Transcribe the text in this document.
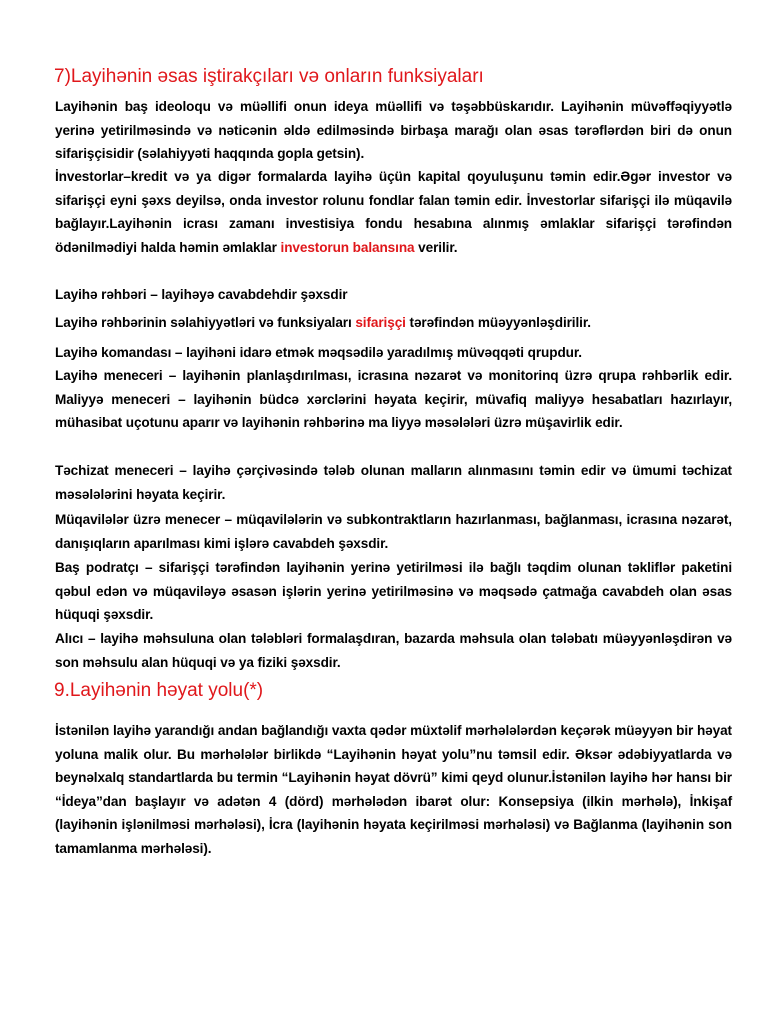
7)Layihənin əsas iştirakçıları və onların funksiyaları

Layihənin baş ideoloqu və müəllifi onun ideya müəllifi və təşəbbüskarıdır. Layihənin müvəffəqiyyətlə yerinə yetirilməsində və nəticənin əldə edilməsində birbaşa marağı olan əsas tərəflərdən biri də onun sifarişçisidir (səlahiyyəti haqqında gopla getsin).

İnvestorlar–kredit və ya digər formalarda layihə üçün kapital qoyuluşunu təmin edir.Əgər investor və sifarişçi eyni şəxs deyilsə, onda investor rolunu fondlar falan təmin edir. İnvestorlar sifarişçi ilə müqavilə bağlayır.Layihənin icrası zamanı investisiya fondu hesabına alınmış əmlaklar sifarişçi tərəfindən ödənilmədiyi halda həmin əmlaklar investorun balansına verilir.

Layihə rəhbəri – layihəyə cavabdehdir şəxsdir

Layihə rəhbərinin səlahiyyətləri və funksiyaları sifarişçi tərəfindən müəyyənləşdirilir.

Layihə komandası – layihəni idarə etmək məqsədilə yaradılmış müvəqqəti qrupdur.

Layihə meneceri – layihənin planlaşdırılması, icrasına nəzarət və monitorinq üzrə qrupa rəhbərlik edir. Maliyyə meneceri – layihənin büdcə xərclərini həyata keçirir, müvafiq maliyyə hesabatları hazırlayır, mühasibat uçotunu aparır və layihənin rəhbərinə ma liyyə məsələləri üzrə müşavirlik edir.

Təchizat meneceri – layihə çərçivəsində tələb olunan malların alınmasını təmin edir və ümumi təchizat məsələlərini həyata keçirir.

Müqavilələr üzrə menecer – müqavilələrin və subkontraktların hazırlanması, bağlanması, icrasına nəzarət, danışıqların aparılması kimi işlərə cavabdeh şəxsdir.

Baş podratçı – sifarişçi tərəfindən layihənin yerinə yetirilməsi ilə bağlı təqdim olunan təkliflər paketini qəbul edən və müqaviləyə əsasən işlərin yerinə yetirilməsinə və məqsədə çatmağa cavabdeh olan əsas hüquqi şəxsdir.

Alıcı – layihə məhsuluna olan tələbləri formalaşdıran, bazarda məhsula olan tələbatı müəyyənləşdirən və son məhsulu alan hüquqi və ya fiziki şəxsdir.

9.Layihənin həyat yolu(*)

İstənilən layihə yarandığı andan bağlandığı vaxta qədər müxtəlif mərhələlərdən keçərək müəyyən bir həyat yoluna malik olur. Bu mərhələlər birlikdə “Layihənin həyat yolu”nu təmsil edir. Əksər ədəbiyyatlarda və beynəlxalq standartlarda bu termin “Layihənin həyat dövrü” kimi qeyd olunur.İstənilən layihə hər hansı bir “İdeya”dan başlayır və adətən 4 (dörd) mərhələdən ibarət olur: Konsepsiya (ilkin mərhələ), İnkişaf (layihənin işlənilməsi mərhələsi), İcra (layihənin həyata keçirilməsi mərhələsi) və Bağlanma (layihənin son tamamlanma mərhələsi).
